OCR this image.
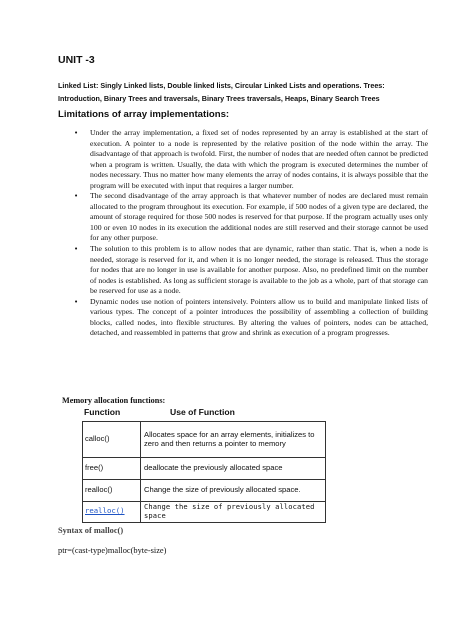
UNIT -3
Linked List: Singly Linked lists, Double linked lists, Circular Linked Lists and operations. Trees: Introduction, Binary Trees and traversals, Binary Trees traversals, Heaps, Binary Search Trees
Limitations of array implementations:
• Under the array implementation, a fixed set of nodes represented by an array is established at the start of execution. A pointer to a node is represented by the relative position of the node within the array. The disadvantage of that approach is twofold. First, the number of nodes that are needed often cannot be predicted when a program is written. Usually, the data with which the program is executed determines the number of nodes necessary. Thus no matter how many elements the array of nodes contains, it is always possible that the program will be executed with input that requires a larger number.
• The second disadvantage of the array approach is that whatever number of nodes are declared must remain allocated to the program throughout its execution. For example, if 500 nodes of a given type are declared, the amount of storage required for those 500 nodes is reserved for that purpose. If the program actually uses only 100 or even 10 nodes in its execution the additional nodes are still reserved and their storage cannot be used for any other purpose.
• The solution to this problem is to allow nodes that are dynamic, rather than static. That is, when a node is needed, storage is reserved for it, and when it is no longer needed, the storage is released. Thus the storage for nodes that are no longer in use is available for another purpose. Also, no predefined limit on the number of nodes is established. As long as sufficient storage is available to the job as a whole, part of that storage can be reserved for use as a node.
• Dynamic nodes use notion of pointers intensively. Pointers allow us to build and manipulate linked lists of various types. The concept of a pointer introduces the possibility of assembling a collection of building blocks, called nodes, into flexible structures. By altering the values of pointers, nodes can be attached, detached, and reassembled in patterns that grow and shrink as execution of a program progresses.
Memory allocation functions:
Function	Use of Function
calloc()	Allocates space for an array elements, initializes to zero and then returns a pointer to memory
free()	deallocate the previously allocated space
realloc()	Change the size of previously allocated space.
realloc()	Change the size of previously allocated space
Syntax of malloc()
ptr=(cast-type)malloc(byte-size)
